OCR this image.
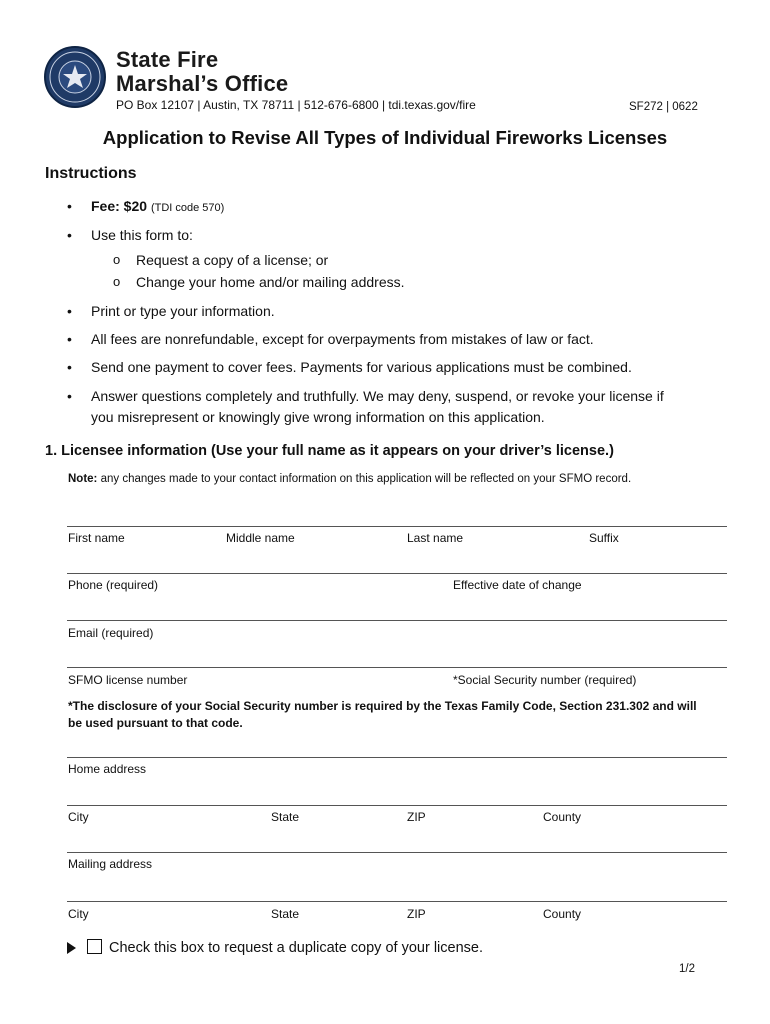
State Fire
Marshal’s Office
PO Box 12107 | Austin, TX 78711 | 512-676-6800 | tdi.texas.gov/fire	SF272 | 0622
Application to Revise All Types of Individual Fireworks Licenses
Instructions
• Fee: $20 (TDI code 570)
• Use this form to:
o Request a copy of a license; or
o Change your home and/or mailing address.
• Print or type your information.
• All fees are nonrefundable, except for overpayments from mistakes of law or fact.
• Send one payment to cover fees. Payments for various applications must be combined.
• Answer questions completely and truthfully. We may deny, suspend, or revoke your license if
you misrepresent or knowingly give wrong information on this application.
1. Licensee information (Use your full name as it appears on your driver’s license.)
Note: any changes made to your contact information on this application will be reflected on your SFMO record.
First name	Middle name	Last name	Suffix
Phone (required)	Effective date of change
Email (required)
SFMO license number	*Social Security number (required)
*The disclosure of your Social Security number is required by the Texas Family Code, Section 231.302 and will
be used pursuant to that code.
Home address
City	State	ZIP	County
Mailing address
City	State	ZIP	County
Check this box to request a duplicate copy of your license.
1/2
